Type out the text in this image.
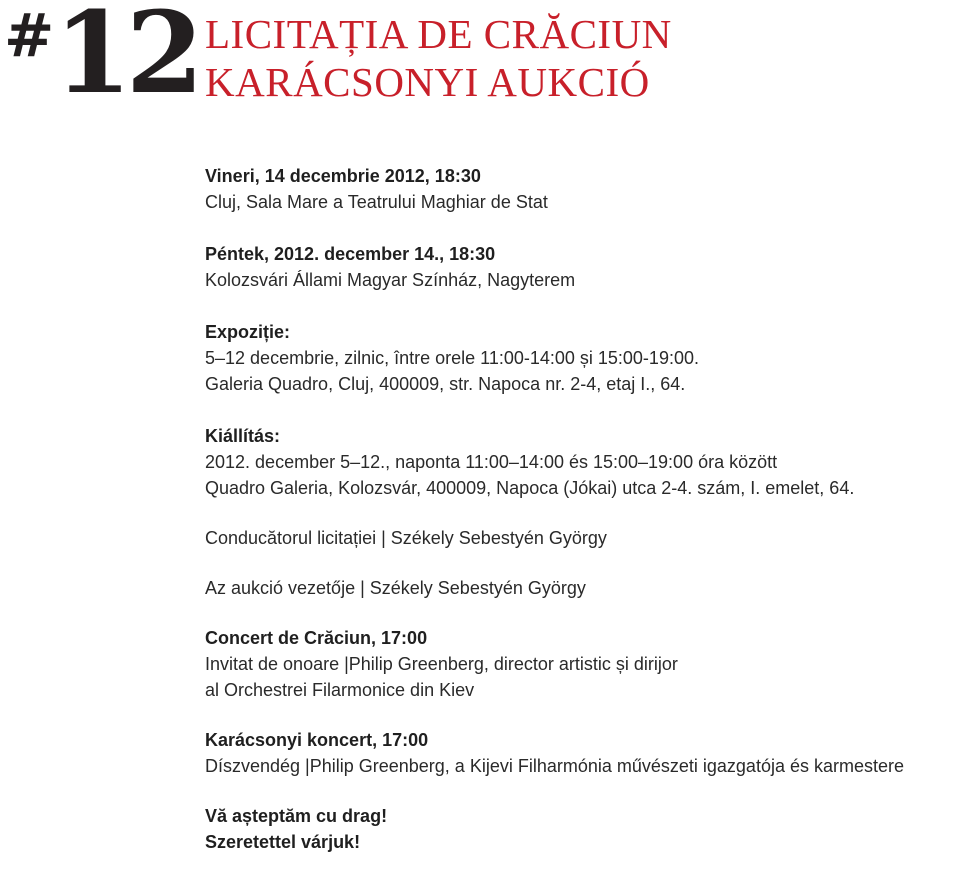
# 12 LICITAȚIA DE CRĂCIUN
KARÁCSONYI AUKCIÓ
Vineri, 14 decembrie 2012, 18:30
Cluj, Sala Mare a Teatrului Maghiar de Stat
Péntek, 2012. december 14., 18:30
Kolozsvári Állami Magyar Színház, Nagyterem
Expoziție:
5–12 decembrie, zilnic, între orele 11:00-14:00 și 15:00-19:00.
Galeria Quadro, Cluj, 400009, str. Napoca nr. 2-4, etaj I., 64.
Kiállítás:
2012. december 5–12., naponta 11:00–14:00 és 15:00–19:00 óra között
Quadro Galeria, Kolozsvár, 400009, Napoca (Jókai) utca 2-4. szám, I. emelet, 64.
Conducătorul licitației | Székely Sebestyén György
Az aukció vezetője | Székely Sebestyén György
Concert de Crăciun, 17:00
Invitat de onoare |Philip Greenberg, director artistic și dirijor
al Orchestrei Filarmonice din Kiev
Karácsonyi koncert, 17:00
Díszvendég |Philip Greenberg, a Kijevi Filharmónia művészeti igazgatója és karmestere
Vă așteptăm cu drag!
Szeretettel várjuk!
